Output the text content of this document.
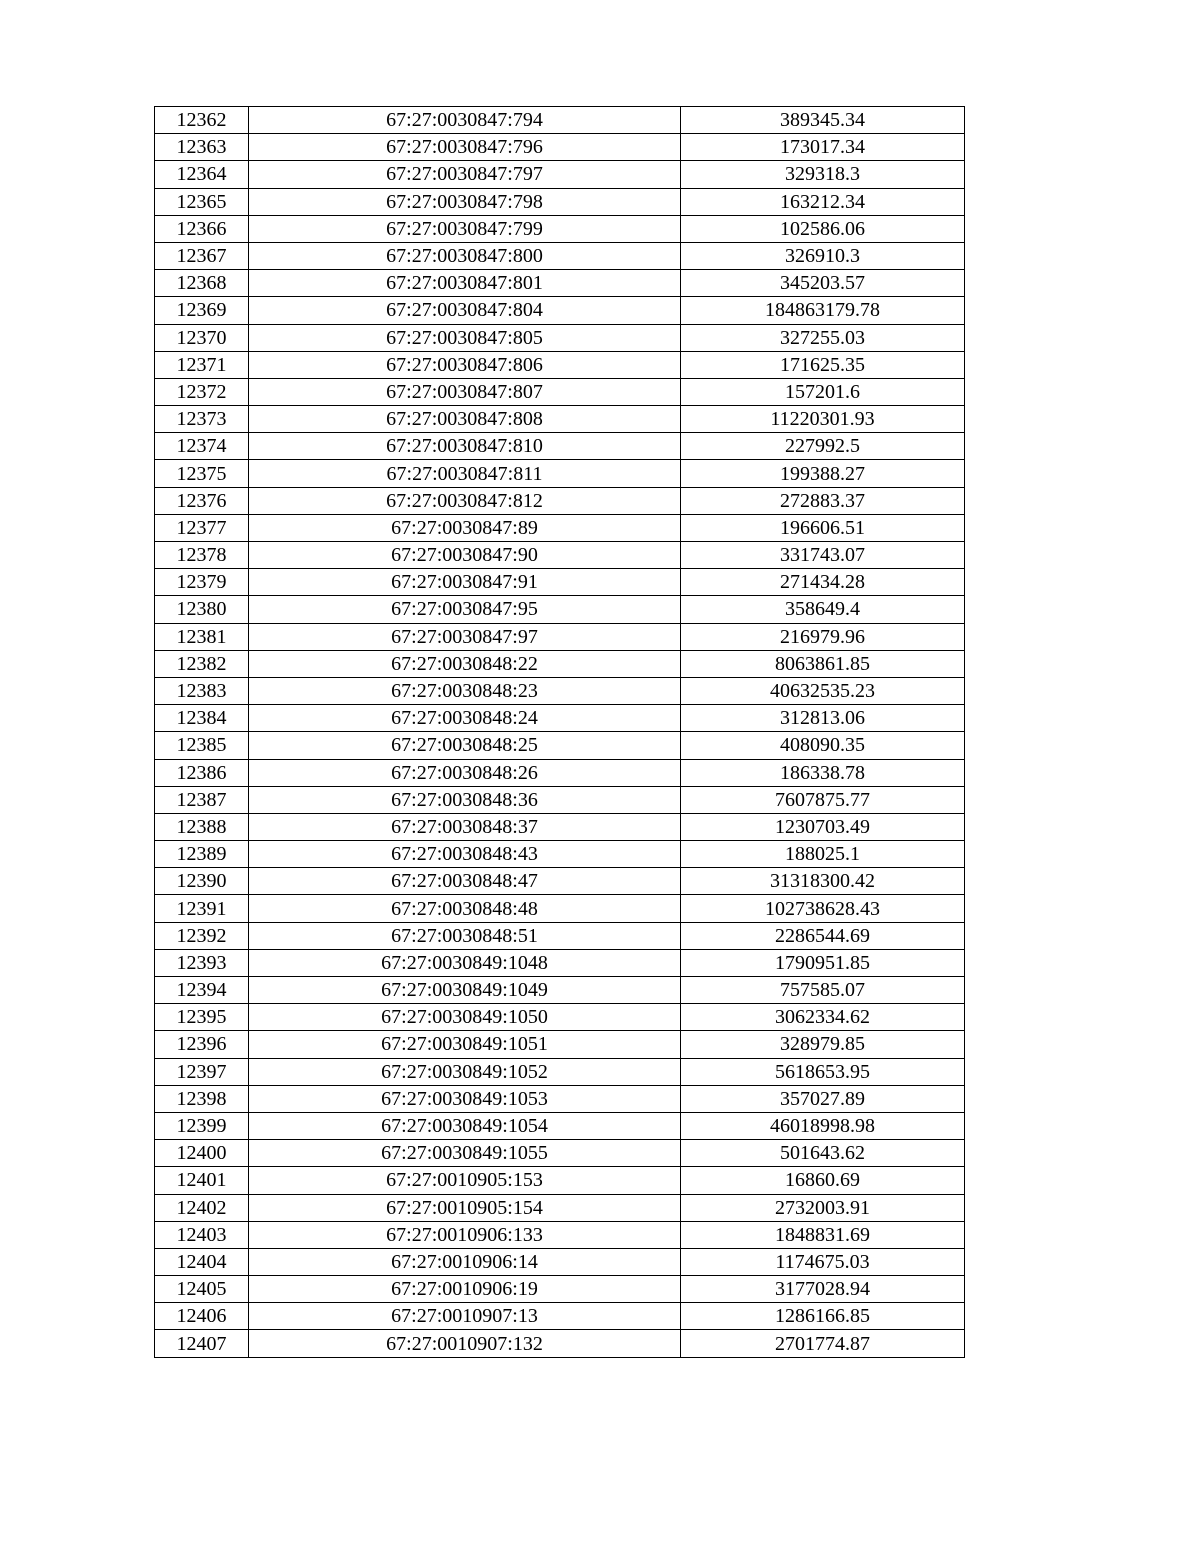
12362	67:27:0030847:794	389345.34
12363	67:27:0030847:796	173017.34
12364	67:27:0030847:797	329318.3
12365	67:27:0030847:798	163212.34
12366	67:27:0030847:799	102586.06
12367	67:27:0030847:800	326910.3
12368	67:27:0030847:801	345203.57
12369	67:27:0030847:804	184863179.78
12370	67:27:0030847:805	327255.03
12371	67:27:0030847:806	171625.35
12372	67:27:0030847:807	157201.6
12373	67:27:0030847:808	11220301.93
12374	67:27:0030847:810	227992.5
12375	67:27:0030847:811	199388.27
12376	67:27:0030847:812	272883.37
12377	67:27:0030847:89	196606.51
12378	67:27:0030847:90	331743.07
12379	67:27:0030847:91	271434.28
12380	67:27:0030847:95	358649.4
12381	67:27:0030847:97	216979.96
12382	67:27:0030848:22	8063861.85
12383	67:27:0030848:23	40632535.23
12384	67:27:0030848:24	312813.06
12385	67:27:0030848:25	408090.35
12386	67:27:0030848:26	186338.78
12387	67:27:0030848:36	7607875.77
12388	67:27:0030848:37	1230703.49
12389	67:27:0030848:43	188025.1
12390	67:27:0030848:47	31318300.42
12391	67:27:0030848:48	102738628.43
12392	67:27:0030848:51	2286544.69
12393	67:27:0030849:1048	1790951.85
12394	67:27:0030849:1049	757585.07
12395	67:27:0030849:1050	3062334.62
12396	67:27:0030849:1051	328979.85
12397	67:27:0030849:1052	5618653.95
12398	67:27:0030849:1053	357027.89
12399	67:27:0030849:1054	46018998.98
12400	67:27:0030849:1055	501643.62
12401	67:27:0010905:153	16860.69
12402	67:27:0010905:154	2732003.91
12403	67:27:0010906:133	1848831.69
12404	67:27:0010906:14	1174675.03
12405	67:27:0010906:19	3177028.94
12406	67:27:0010907:13	1286166.85
12407	67:27:0010907:132	2701774.87
